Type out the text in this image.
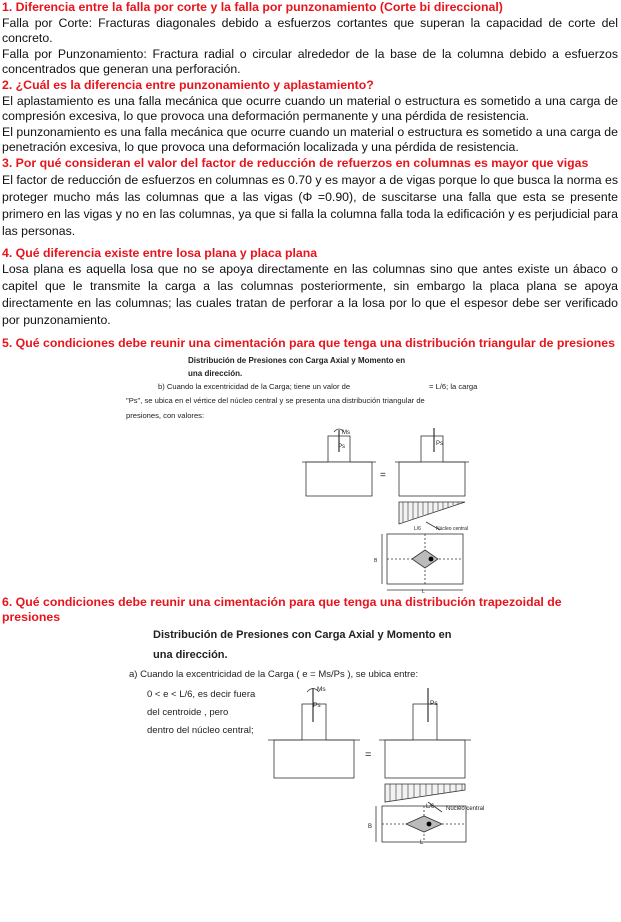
1. Diferencia entre la falla por corte y la falla por punzonamiento (Corte bi direccional)

Falla por Corte: Fracturas diagonales debido a esfuerzos cortantes que superan la capacidad de corte del concreto.

Falla por Punzonamiento: Fractura radial o circular alrededor de la base de la columna debido a esfuerzos concentrados que generan una perforación.

2. ¿Cuál es la diferencia entre punzonamiento y aplastamiento?

El aplastamiento es una falla mecánica que ocurre cuando un material o estructura es sometido a una carga de compresión excesiva, lo que provoca una deformación permanente y una pérdida de resistencia.

El punzonamiento es una falla mecánica que ocurre cuando un material o estructura es sometido a una carga de penetración excesiva, lo que provoca una deformación localizada y una pérdida de resistencia.

3. Por qué consideran el valor del factor de reducción de refuerzos en columnas es mayor que vigas

El factor de reducción de esfuerzos en columnas es 0.70 y es mayor a de vigas porque lo que busca la norma es proteger mucho más las columnas que a las vigas (Φ =0.90), de suscitarse una falla que esta se presente primero en las vigas y no en las columnas, ya que si falla la columna falla toda la edificación y es perjudicial para las personas.

4. Qué diferencia existe entre losa plana y placa plana

Losa plana es aquella losa que no se apoya directamente en las columnas sino que antes existe un ábaco o capitel que le transmite la carga a las columnas posteriormente, sin embargo la placa plana se apoya directamente en las columnas; las cuales tratan de perforar a la losa por lo que el espesor debe ser verificado por punzonamiento.

5. Qué condiciones debe reunir una cimentación para que tenga una distribución triangular de presiones

Distribución de Presiones con Carga Axial y Momento en
una dirección.
b) Cuando la excentricidad de la Carga; tiene un valor de	= L/6; la carga
"Ps", se ubica en el vértice del núcleo central y se presenta una distribución triangular de
presiones, con valores:
Ms
Ps	Ps
=
Núcleo central
L/6
B
L

6. Qué condiciones debe reunir una cimentación para que tenga una distribución trapezoidal de presiones

Distribución de Presiones con Carga Axial y Momento en
una dirección.
a) Cuando la excentricidad de la Carga ( e = Ms/Ps ), se ubica entre:
0 < e < L/6, es decir fuera
del centroide , pero
dentro del núcleo central;
Ms
Ps	Ps
=
Núcleo central
L/6
B
L
